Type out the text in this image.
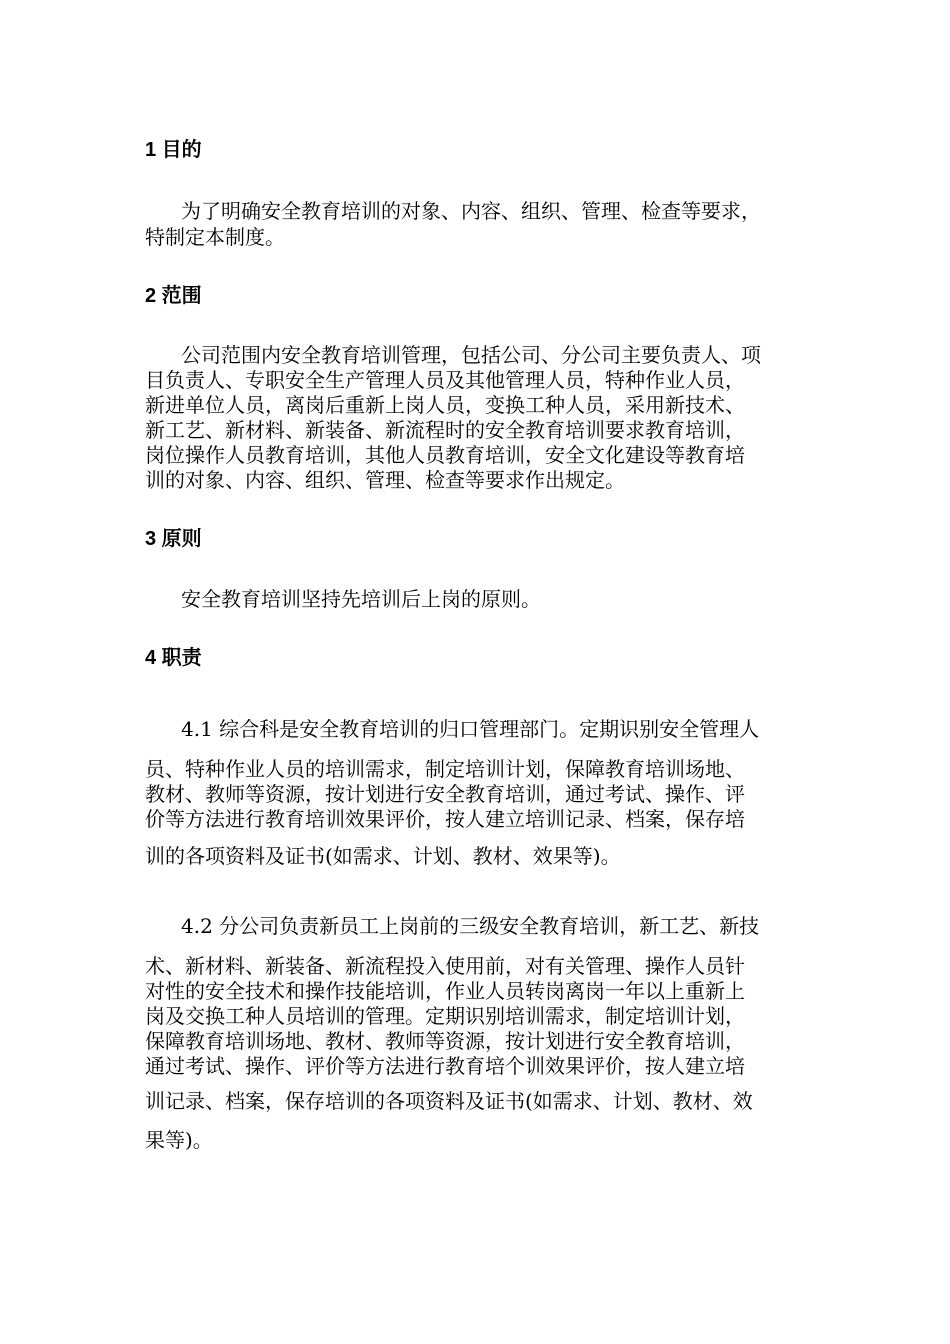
1 目的
为了明确安全教育培训的对象、内容、组织、管理、检查等要求，
特制定本制度。
2 范围
公司范围内安全教育培训管理，包括公司、分公司主要负责人、项
目负责人、专职安全生产管理人员及其他管理人员，特种作业人员，
新进单位人员，离岗后重新上岗人员，变换工种人员，采用新技术、
新工艺、新材料、新装备、新流程时的安全教育培训要求教育培训，
岗位操作人员教育培训，其他人员教育培训，安全文化建设等教育培
训的对象、内容、组织、管理、检查等要求作出规定。
3 原则
安全教育培训坚持先培训后上岗的原则。
4 职责
4.1 综合科是安全教育培训的归口管理部门。定期识别安全管理人
员、特种作业人员的培训需求，制定培训计划，保障教育培训场地、
教材、教师等资源，按计划进行安全教育培训，通过考试、操作、评
价等方法进行教育培训效果评价，按人建立培训记录、档案，保存培
训的各项资料及证书(如需求、计划、教材、效果等)。
4.2 分公司负责新员工上岗前的三级安全教育培训，新工艺、新技
术、新材料、新装备、新流程投入使用前，对有关管理、操作人员针
对性的安全技术和操作技能培训，作业人员转岗离岗一年以上重新上
岗及交换工种人员培训的管理。定期识别培训需求，制定培训计划，
保障教育培训场地、教材、教师等资源，按计划进行安全教育培训，
通过考试、操作、评价等方法进行教育培个训效果评价，按人建立培
训记录、档案，保存培训的各项资料及证书(如需求、计划、教材、效
果等)。
